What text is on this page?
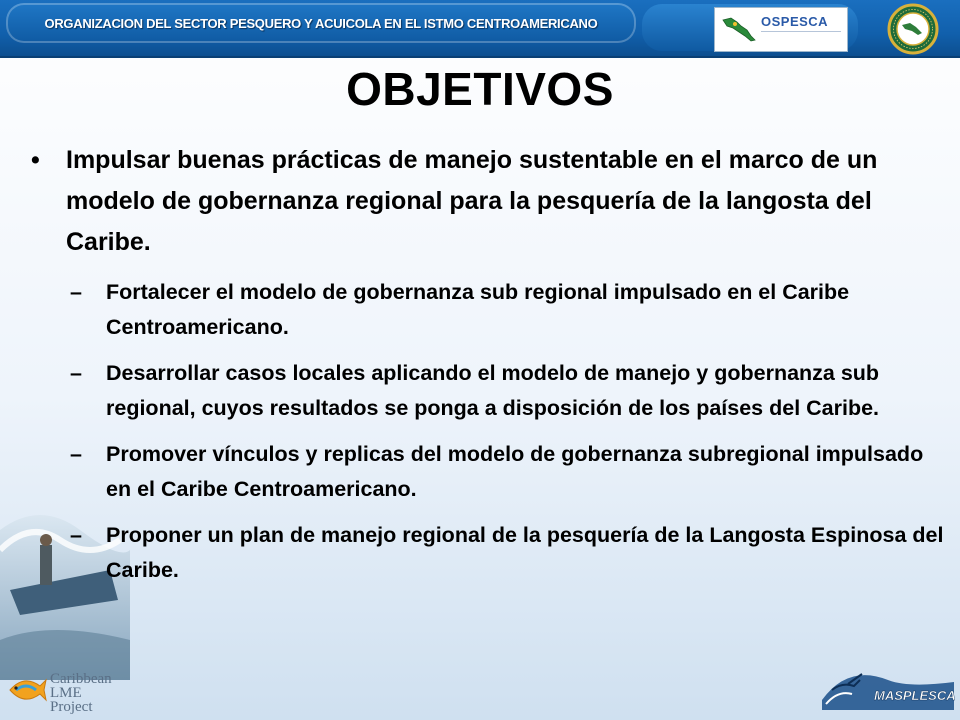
ORGANIZACION DEL SECTOR PESQUERO Y ACUICOLA EN EL ISTMO CENTROAMERICANO	OSPESCA
OBJETIVOS
• Impulsar buenas prácticas de manejo sustentable en el marco de un modelo de gobernanza regional para la pesquería de la langosta del Caribe.
– Fortalecer el modelo de gobernanza sub regional impulsado en el Caribe Centroamericano.
– Desarrollar casos locales aplicando el modelo de manejo y gobernanza sub regional, cuyos resultados se ponga a disposición de los países del Caribe.
– Promover vínculos y replicas del modelo de gobernanza subregional impulsado en el Caribe Centroamericano.
– Proponer un plan de manejo regional de la pesquería de la Langosta Espinosa del Caribe.
Caribbean
LME
Project
MASPLESCA
